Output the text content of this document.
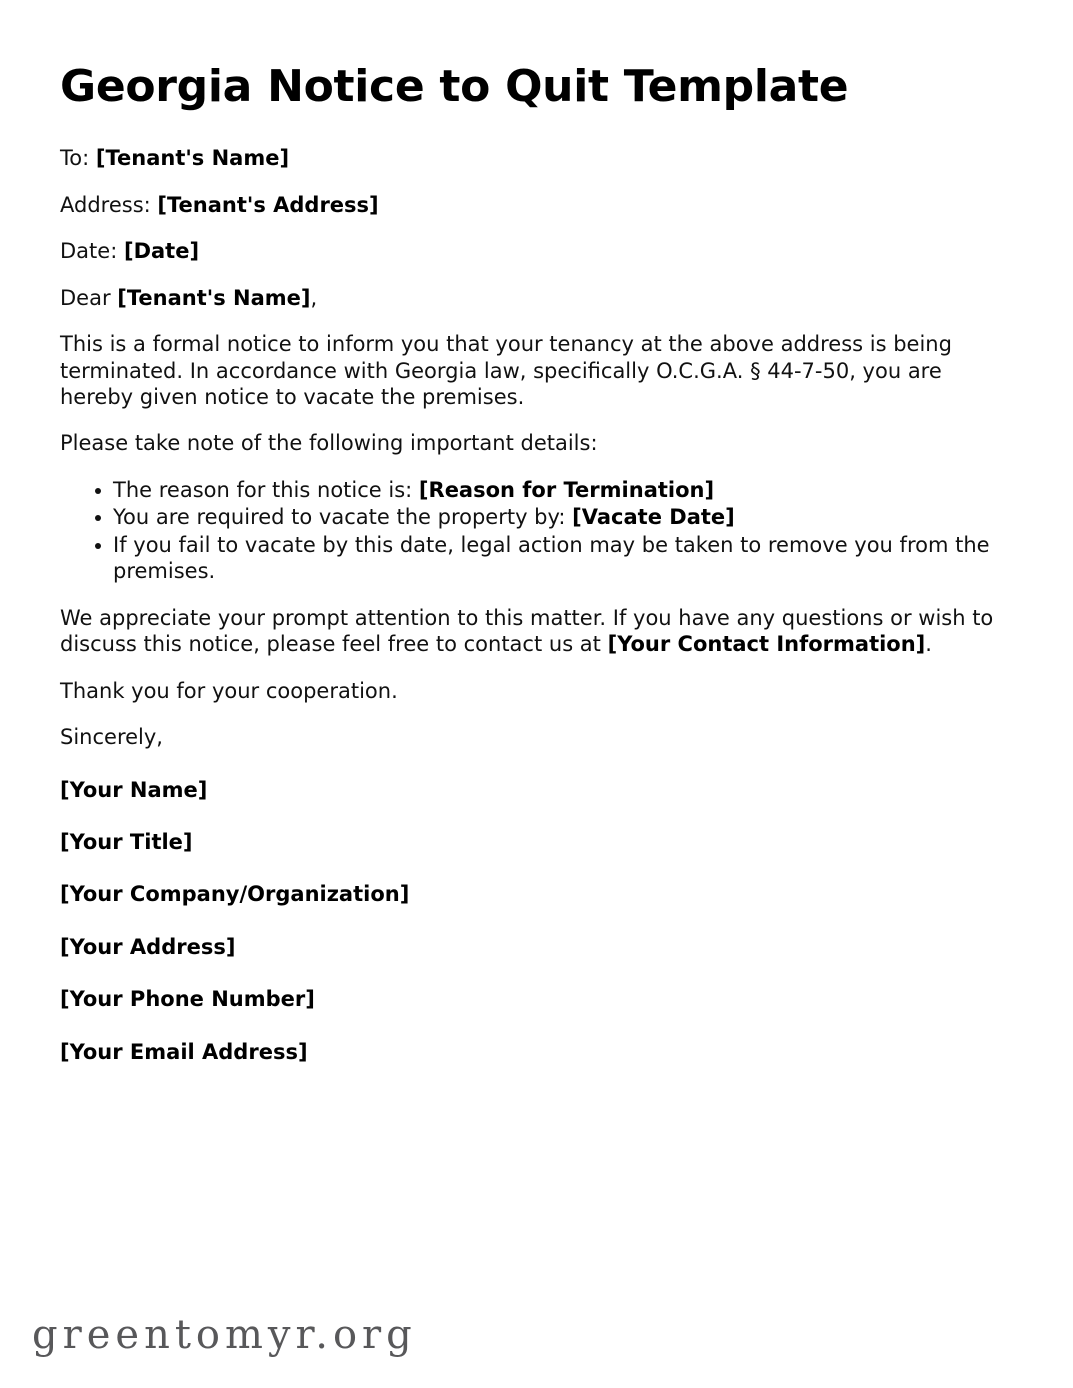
Georgia Notice to Quit Template

To: [Tenant's Name]

Address: [Tenant's Address]

Date: [Date]

Dear [Tenant's Name],

This is a formal notice to inform you that your tenancy at the above address is being terminated. In accordance with Georgia law, specifically O.C.G.A. § 44-7-50, you are hereby given notice to vacate the premises.

Please take note of the following important details:

The reason for this notice is: [Reason for Termination]
You are required to vacate the property by: [Vacate Date]
If you fail to vacate by this date, legal action may be taken to remove you from the premises.

We appreciate your prompt attention to this matter. If you have any questions or wish to discuss this notice, please feel free to contact us at [Your Contact Information].

Thank you for your cooperation.

Sincerely,

[Your Name]

[Your Title]

[Your Company/Organization]

[Your Address]

[Your Phone Number]

[Your Email Address]

greentomyr.org
